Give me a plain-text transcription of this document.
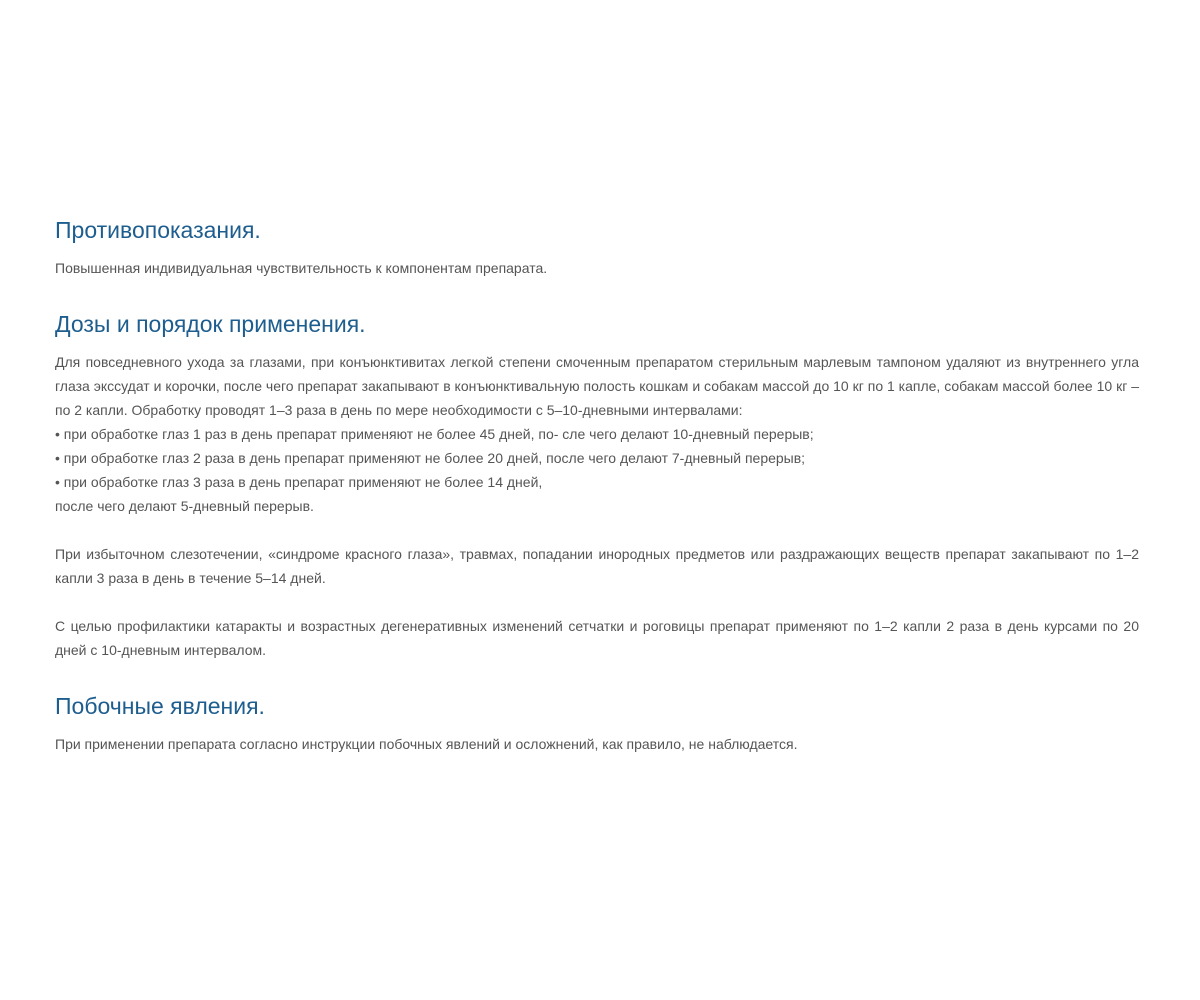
Противопоказания.

Повышенная индивидуальная чувствительность к компонентам препарата.

Дозы и порядок применения.

Для повседневного ухода за глазами, при конъюнктивитах легкой степени смоченным препаратом стерильным марлевым тампоном удаляют из внутреннего угла глаза экссудат и корочки, после чего препарат закапывают в конъюнктивальную полость кошкам и собакам массой до 10 кг по 1 капле, собакам массой более 10 кг – по 2 капли. Обработку проводят 1–3 раза в день по мере необходимости с 5–10-дневными интервалами:

• при обработке глаз 1 раз в день препарат применяют не более 45 дней, по- сле чего делают 10-дневный перерыв;
• при обработке глаз 2 раза в день препарат применяют не более 20 дней, после чего делают 7-дневный перерыв;
• при обработке глаз 3 раза в день препарат применяют не более 14 дней,

после чего делают 5-дневный перерыв.

При избыточном слезотечении, «синдроме красного глаза», травмах, попадании инородных предметов или раздражающих веществ препарат закапывают по 1–2 капли 3 раза в день в течение 5–14 дней.

С целью профилактики катаракты и возрастных дегенеративных изменений сетчатки и роговицы препарат применяют по 1–2 капли 2 раза в день курсами по 20 дней с 10-дневным интервалом.

Побочные явления.

При применении препарата согласно инструкции побочных явлений и осложнений, как правило, не наблюдается.
